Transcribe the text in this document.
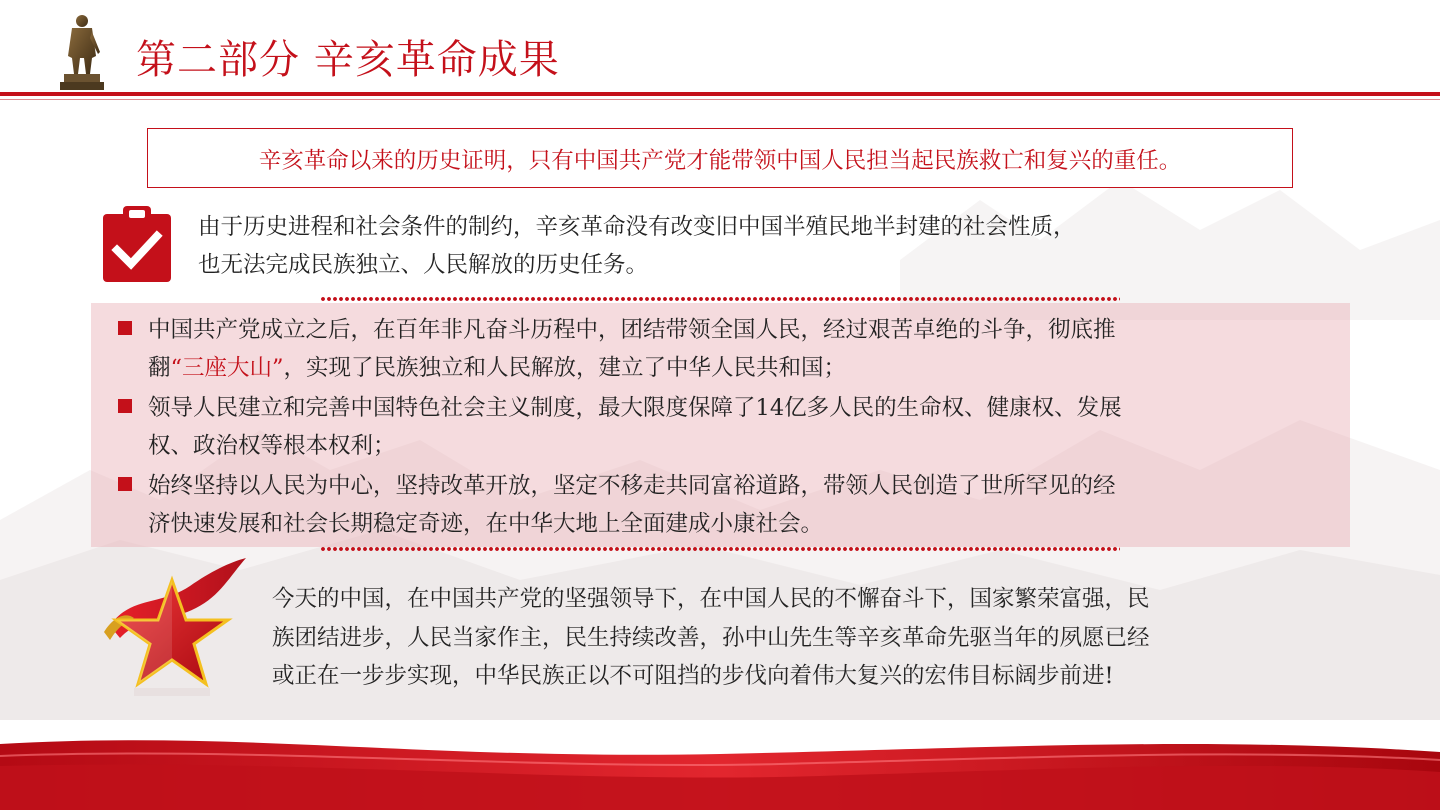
第二部分 辛亥革命成果
辛亥革命以来的历史证明，只有中国共产党才能带领中国人民担当起民族救亡和复兴的重任。
由于历史进程和社会条件的制约，辛亥革命没有改变旧中国半殖民地半封建的社会性质，
也无法完成民族独立、人民解放的历史任务。
中国共产党成立之后，在百年非凡奋斗历程中，团结带领全国人民，经过艰苦卓绝的斗争，彻底推
翻“三座大山”，实现了民族独立和人民解放，建立了中华人民共和国；
领导人民建立和完善中国特色社会主义制度，最大限度保障了14亿多人民的生命权、健康权、发展
权、政治权等根本权利；
始终坚持以人民为中心，坚持改革开放，坚定不移走共同富裕道路，带领人民创造了世所罕见的经
济快速发展和社会长期稳定奇迹，在中华大地上全面建成小康社会。
今天的中国，在中国共产党的坚强领导下，在中国人民的不懈奋斗下，国家繁荣富强，民
族团结进步，人民当家作主，民生持续改善，孙中山先生等辛亥革命先驱当年的夙愿已经
或正在一步步实现，中华民族正以不可阻挡的步伐向着伟大复兴的宏伟目标阔步前进!
